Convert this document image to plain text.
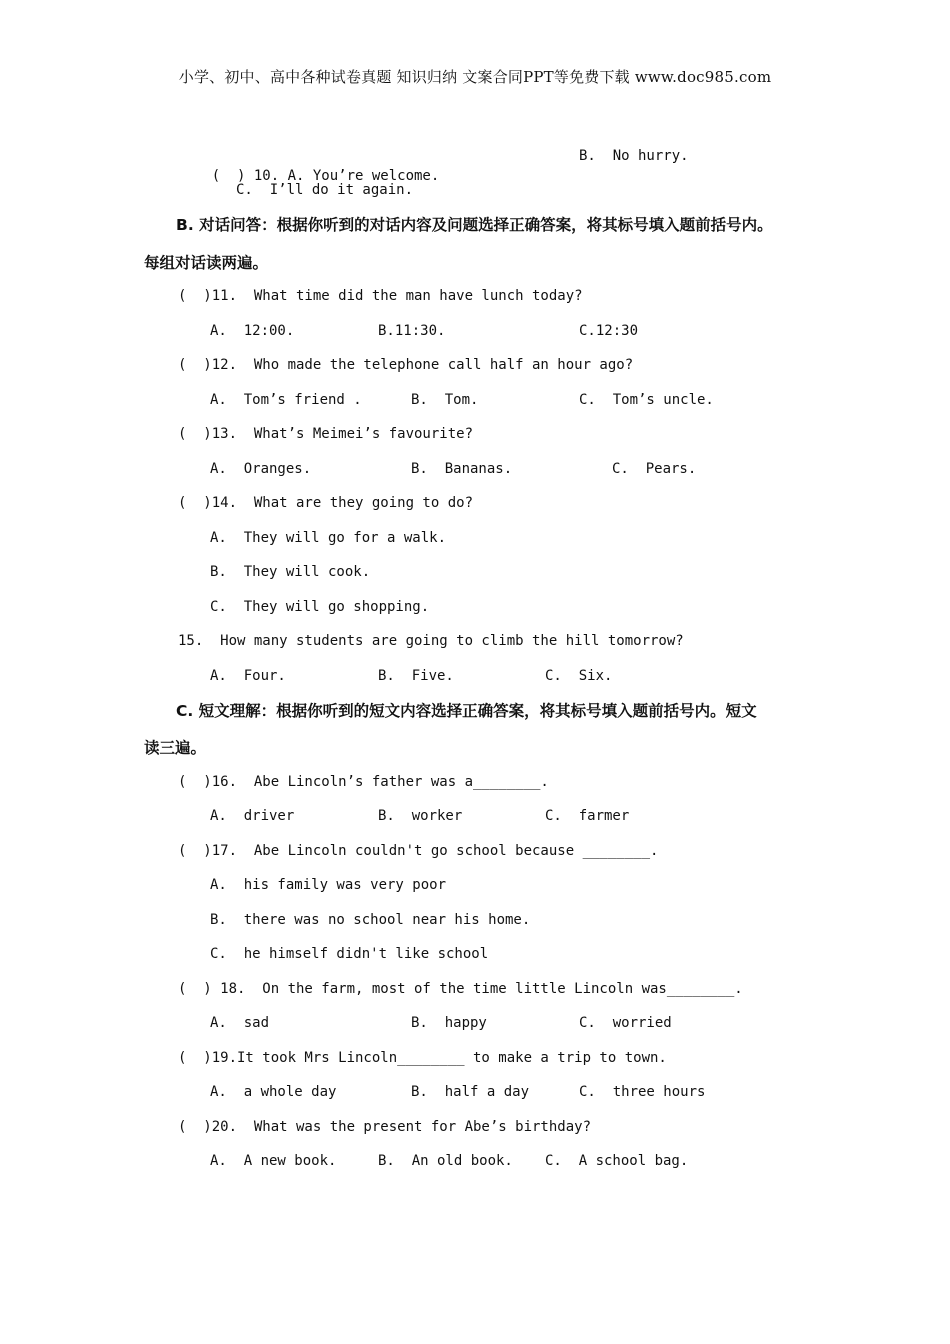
小学、初中、高中各种试卷真题 知识归纳 文案合同PPT等免费下载 www.doc985.com

(  ) 10. A. You’re welcome.

B.  No hurry.
C.  I’ll do it again.
B. 对话问答：根据你听到的对话内容及问题选择正确答案，将其标号填入题前括号内。
每组对话读两遍。
(  )11.  What time did the man have lunch today?
A.  12:00.	B.11:30.	C.12:30
(  )12.  Who made the telephone call half an hour ago?
A.  Tom’s friend .	B.  Tom.	C.  Tom’s uncle.
(  )13.  What’s Meimei’s favourite?
A.  Oranges.	B.  Bananas.	C.  Pears.
(  )14.  What are they going to do?
A.  They will go for a walk.
B.  They will cook.
C.  They will go shopping.
15.  How many students are going to climb the hill tomorrow?
A.  Four.	B.  Five.	C.  Six.
C. 短文理解：根据你听到的短文内容选择正确答案，将其标号填入题前括号内。短文
读三遍。
(  )16.  Abe Lincoln’s father was a________.
A.  driver	B.  worker	C.  farmer
(  )17.  Abe Lincoln couldn't go school because ________.
A.  his family was very poor
B.  there was no school near his home.
C.  he himself didn't like school
(  ) 18.  On the farm, most of the time little Lincoln was________.
A.  sad	B.  happy	C.  worried
(  )19.It took Mrs Lincoln________ to make a trip to town.
A.  a whole day	B.  half a day	C.  three hours
(  )20.  What was the present for Abe’s birthday?
A.  A new book.	B.  An old book. C.  A school bag.
